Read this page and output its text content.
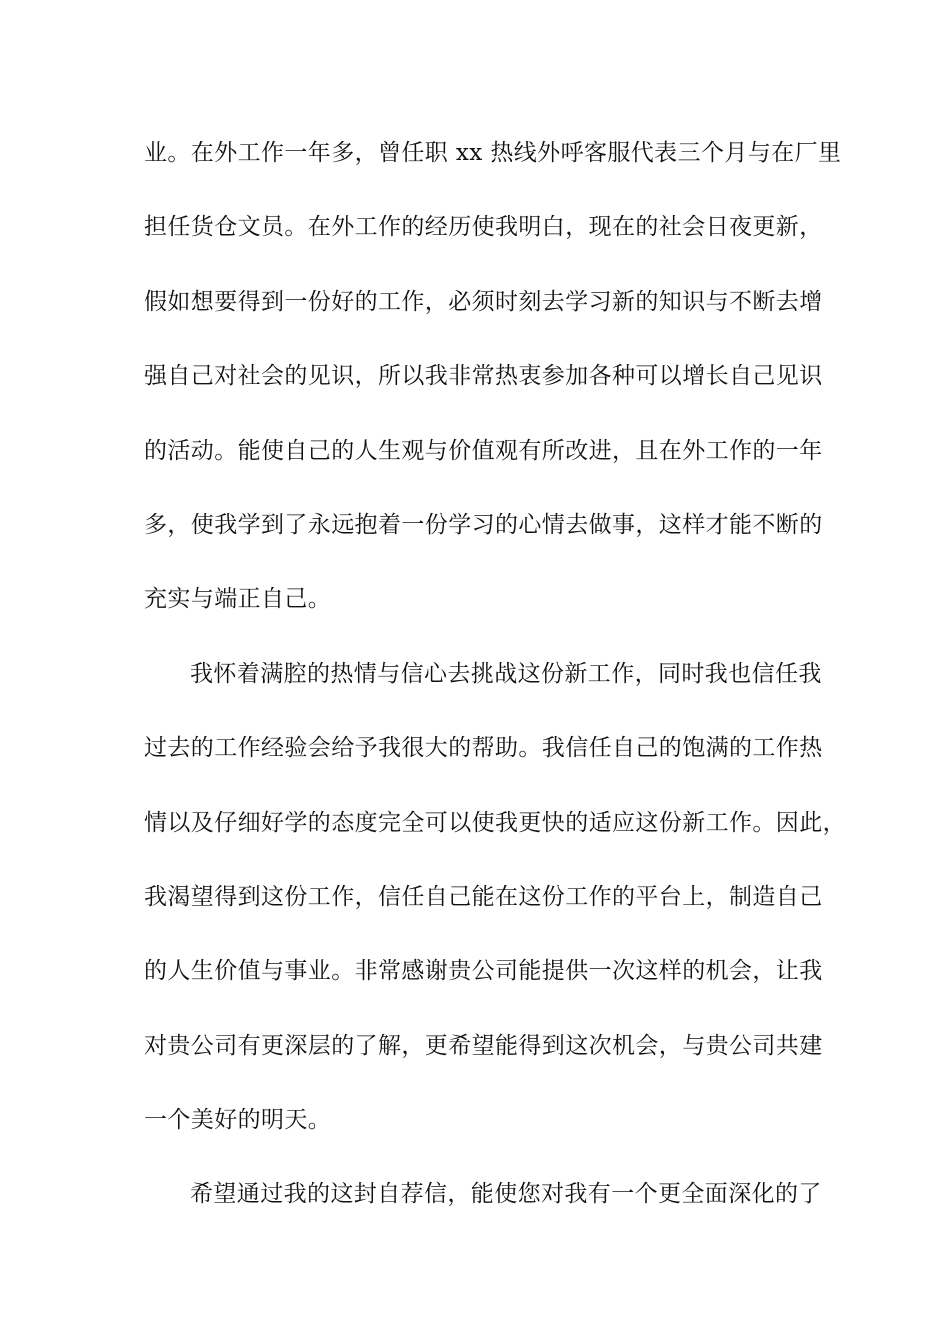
业。在外工作一年多，曾任职 xx 热线外呼客服代表三个月与在厂里
担任货仓文员。在外工作的经历使我明白，现在的社会日夜更新，
假如想要得到一份好的工作，必须时刻去学习新的知识与不断去增
强自己对社会的见识，所以我非常热衷参加各种可以增长自己见识
的活动。能使自己的人生观与价值观有所改进，且在外工作的一年
多，使我学到了永远抱着一份学习的心情去做事，这样才能不断的
充实与端正自己。
我怀着满腔的热情与信心去挑战这份新工作，同时我也信任我
过去的工作经验会给予我很大的帮助。我信任自己的饱满的工作热
情以及仔细好学的态度完全可以使我更快的适应这份新工作。因此，
我渴望得到这份工作，信任自己能在这份工作的平台上，制造自己
的人生价值与事业。非常感谢贵公司能提供一次这样的机会，让我
对贵公司有更深层的了解，更希望能得到这次机会，与贵公司共建
一个美好的明天。
希望通过我的这封自荐信，能使您对我有一个更全面深化的了
